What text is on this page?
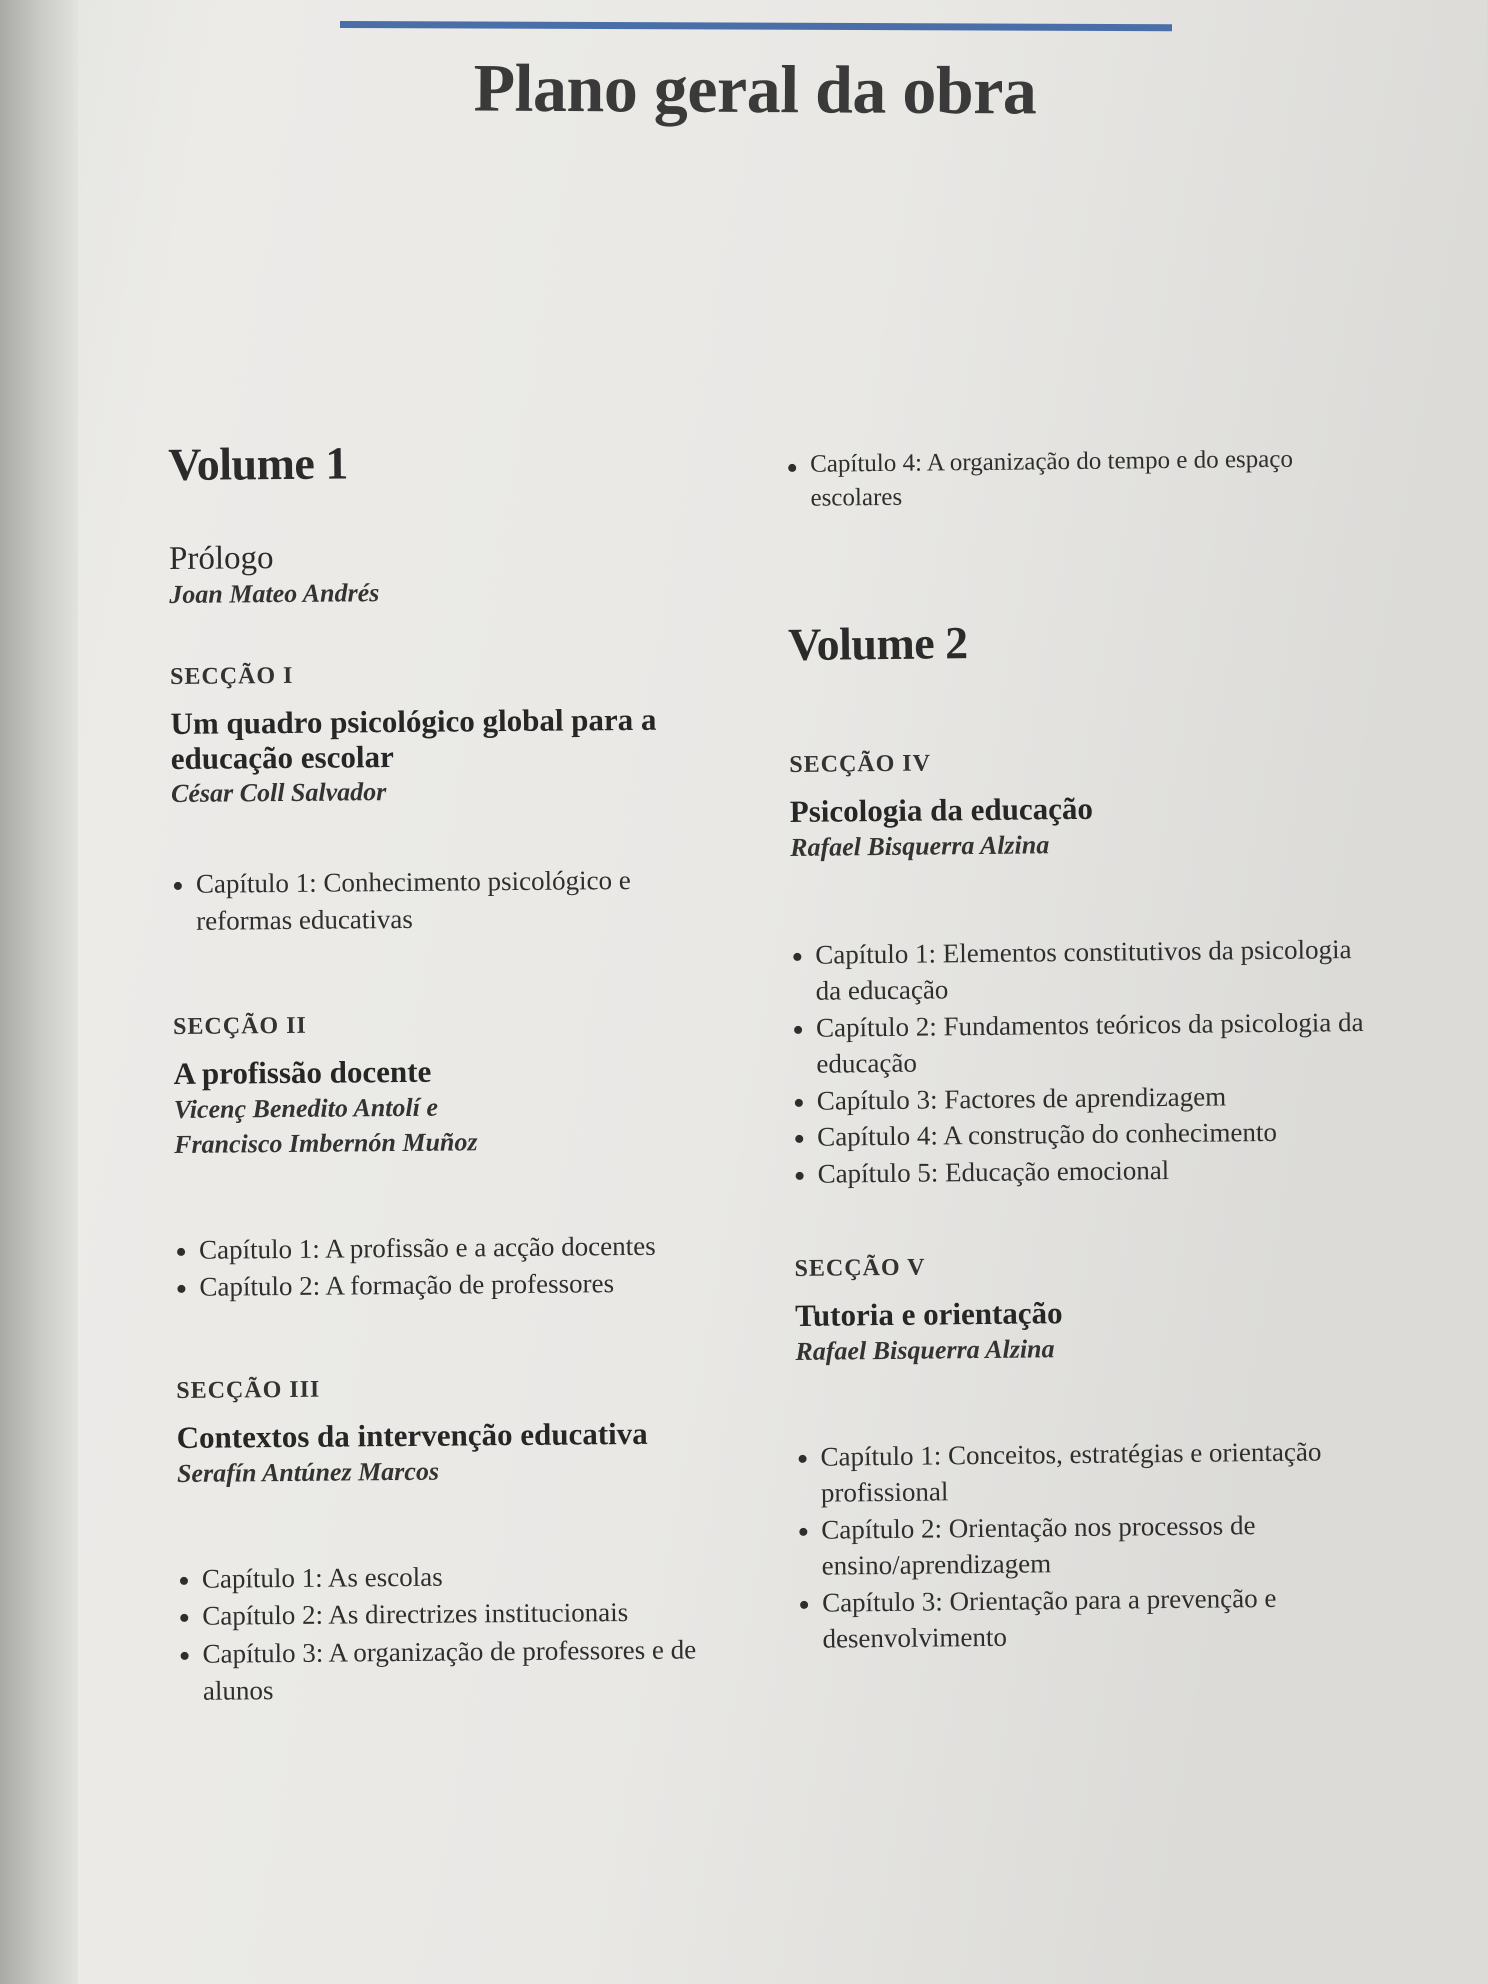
Plano geral da obra
Volume 1
Prólogo
Joan Mateo Andrés
SECÇÃO I
Um quadro psicológico global para a educação escolar
César Coll Salvador
Capítulo 1: Conhecimento psicológico e reformas educativas
SECÇÃO II
A profissão docente
Vicenç Benedito Antolí e
Francisco Imbernón Muñoz
Capítulo 1: A profissão e a acção docentes
Capítulo 2: A formação de professores
SECÇÃO III
Contextos da intervenção educativa
Serafín Antúnez Marcos
Capítulo 1: As escolas
Capítulo 2: As directrizes institucionais
Capítulo 3: A organização de professores e de alunos
Capítulo 4: A organização do tempo e do espaço escolares
Volume 2
SECÇÃO IV
Psicologia da educação
Rafael Bisquerra Alzina
Capítulo 1: Elementos constitutivos da psicologia da educação
Capítulo 2: Fundamentos teóricos da psicologia da educação
Capítulo 3: Factores de aprendizagem
Capítulo 4: A construção do conhecimento
Capítulo 5: Educação emocional
SECÇÃO V
Tutoria e orientação
Rafael Bisquerra Alzina
Capítulo 1: Conceitos, estratégias e orientação profissional
Capítulo 2: Orientação nos processos de ensino/aprendizagem
Capítulo 3: Orientação para a prevenção e desenvolvimento
